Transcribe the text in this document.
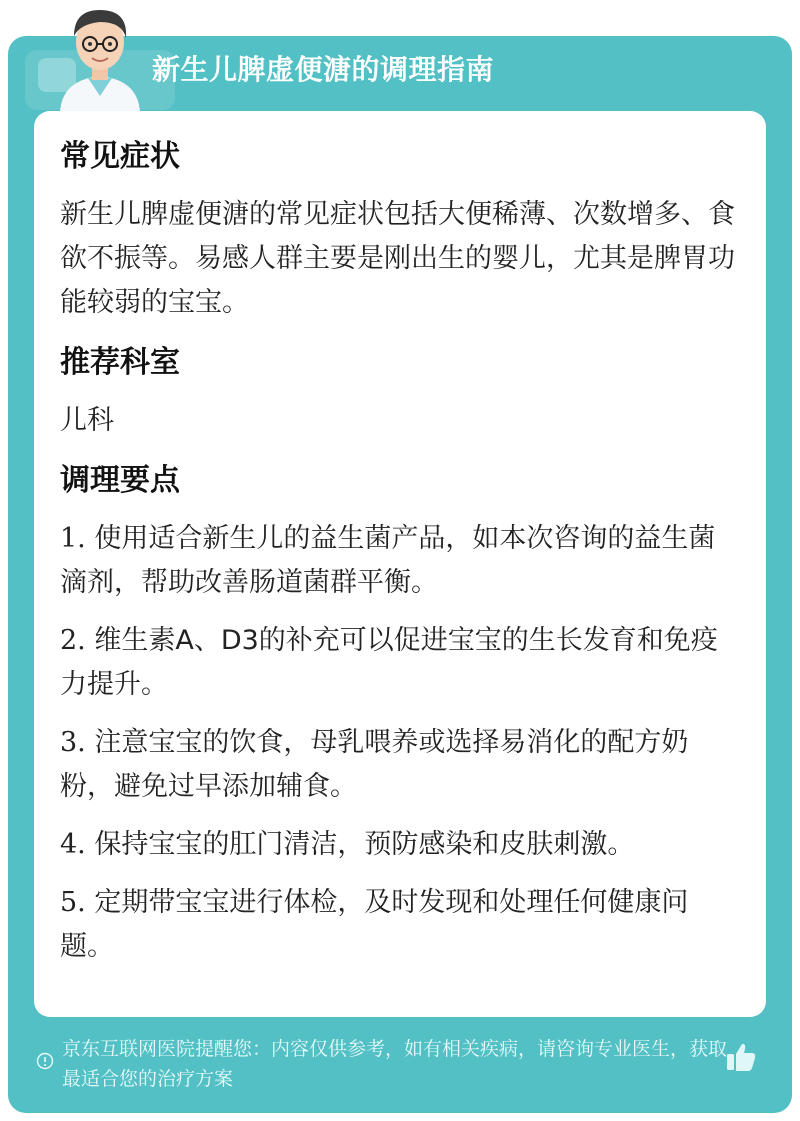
新生儿脾虚便溏的调理指南
常见症状
新生儿脾虚便溏的常见症状包括大便稀薄、次数增多、食欲不振等。易感人群主要是刚出生的婴儿，尤其是脾胃功能较弱的宝宝。
推荐科室
儿科
调理要点
1. 使用适合新生儿的益生菌产品，如本次咨询的益生菌滴剂，帮助改善肠道菌群平衡。
2. 维生素A、D3的补充可以促进宝宝的生长发育和免疫力提升。
3. 注意宝宝的饮食，母乳喂养或选择易消化的配方奶粉，避免过早添加辅食。
4. 保持宝宝的肛门清洁，预防感染和皮肤刺激。
5. 定期带宝宝进行体检，及时发现和处理任何健康问题。
京东互联网医院提醒您：内容仅供参考，如有相关疾病，请咨询专业医生，获取最适合您的治疗方案
